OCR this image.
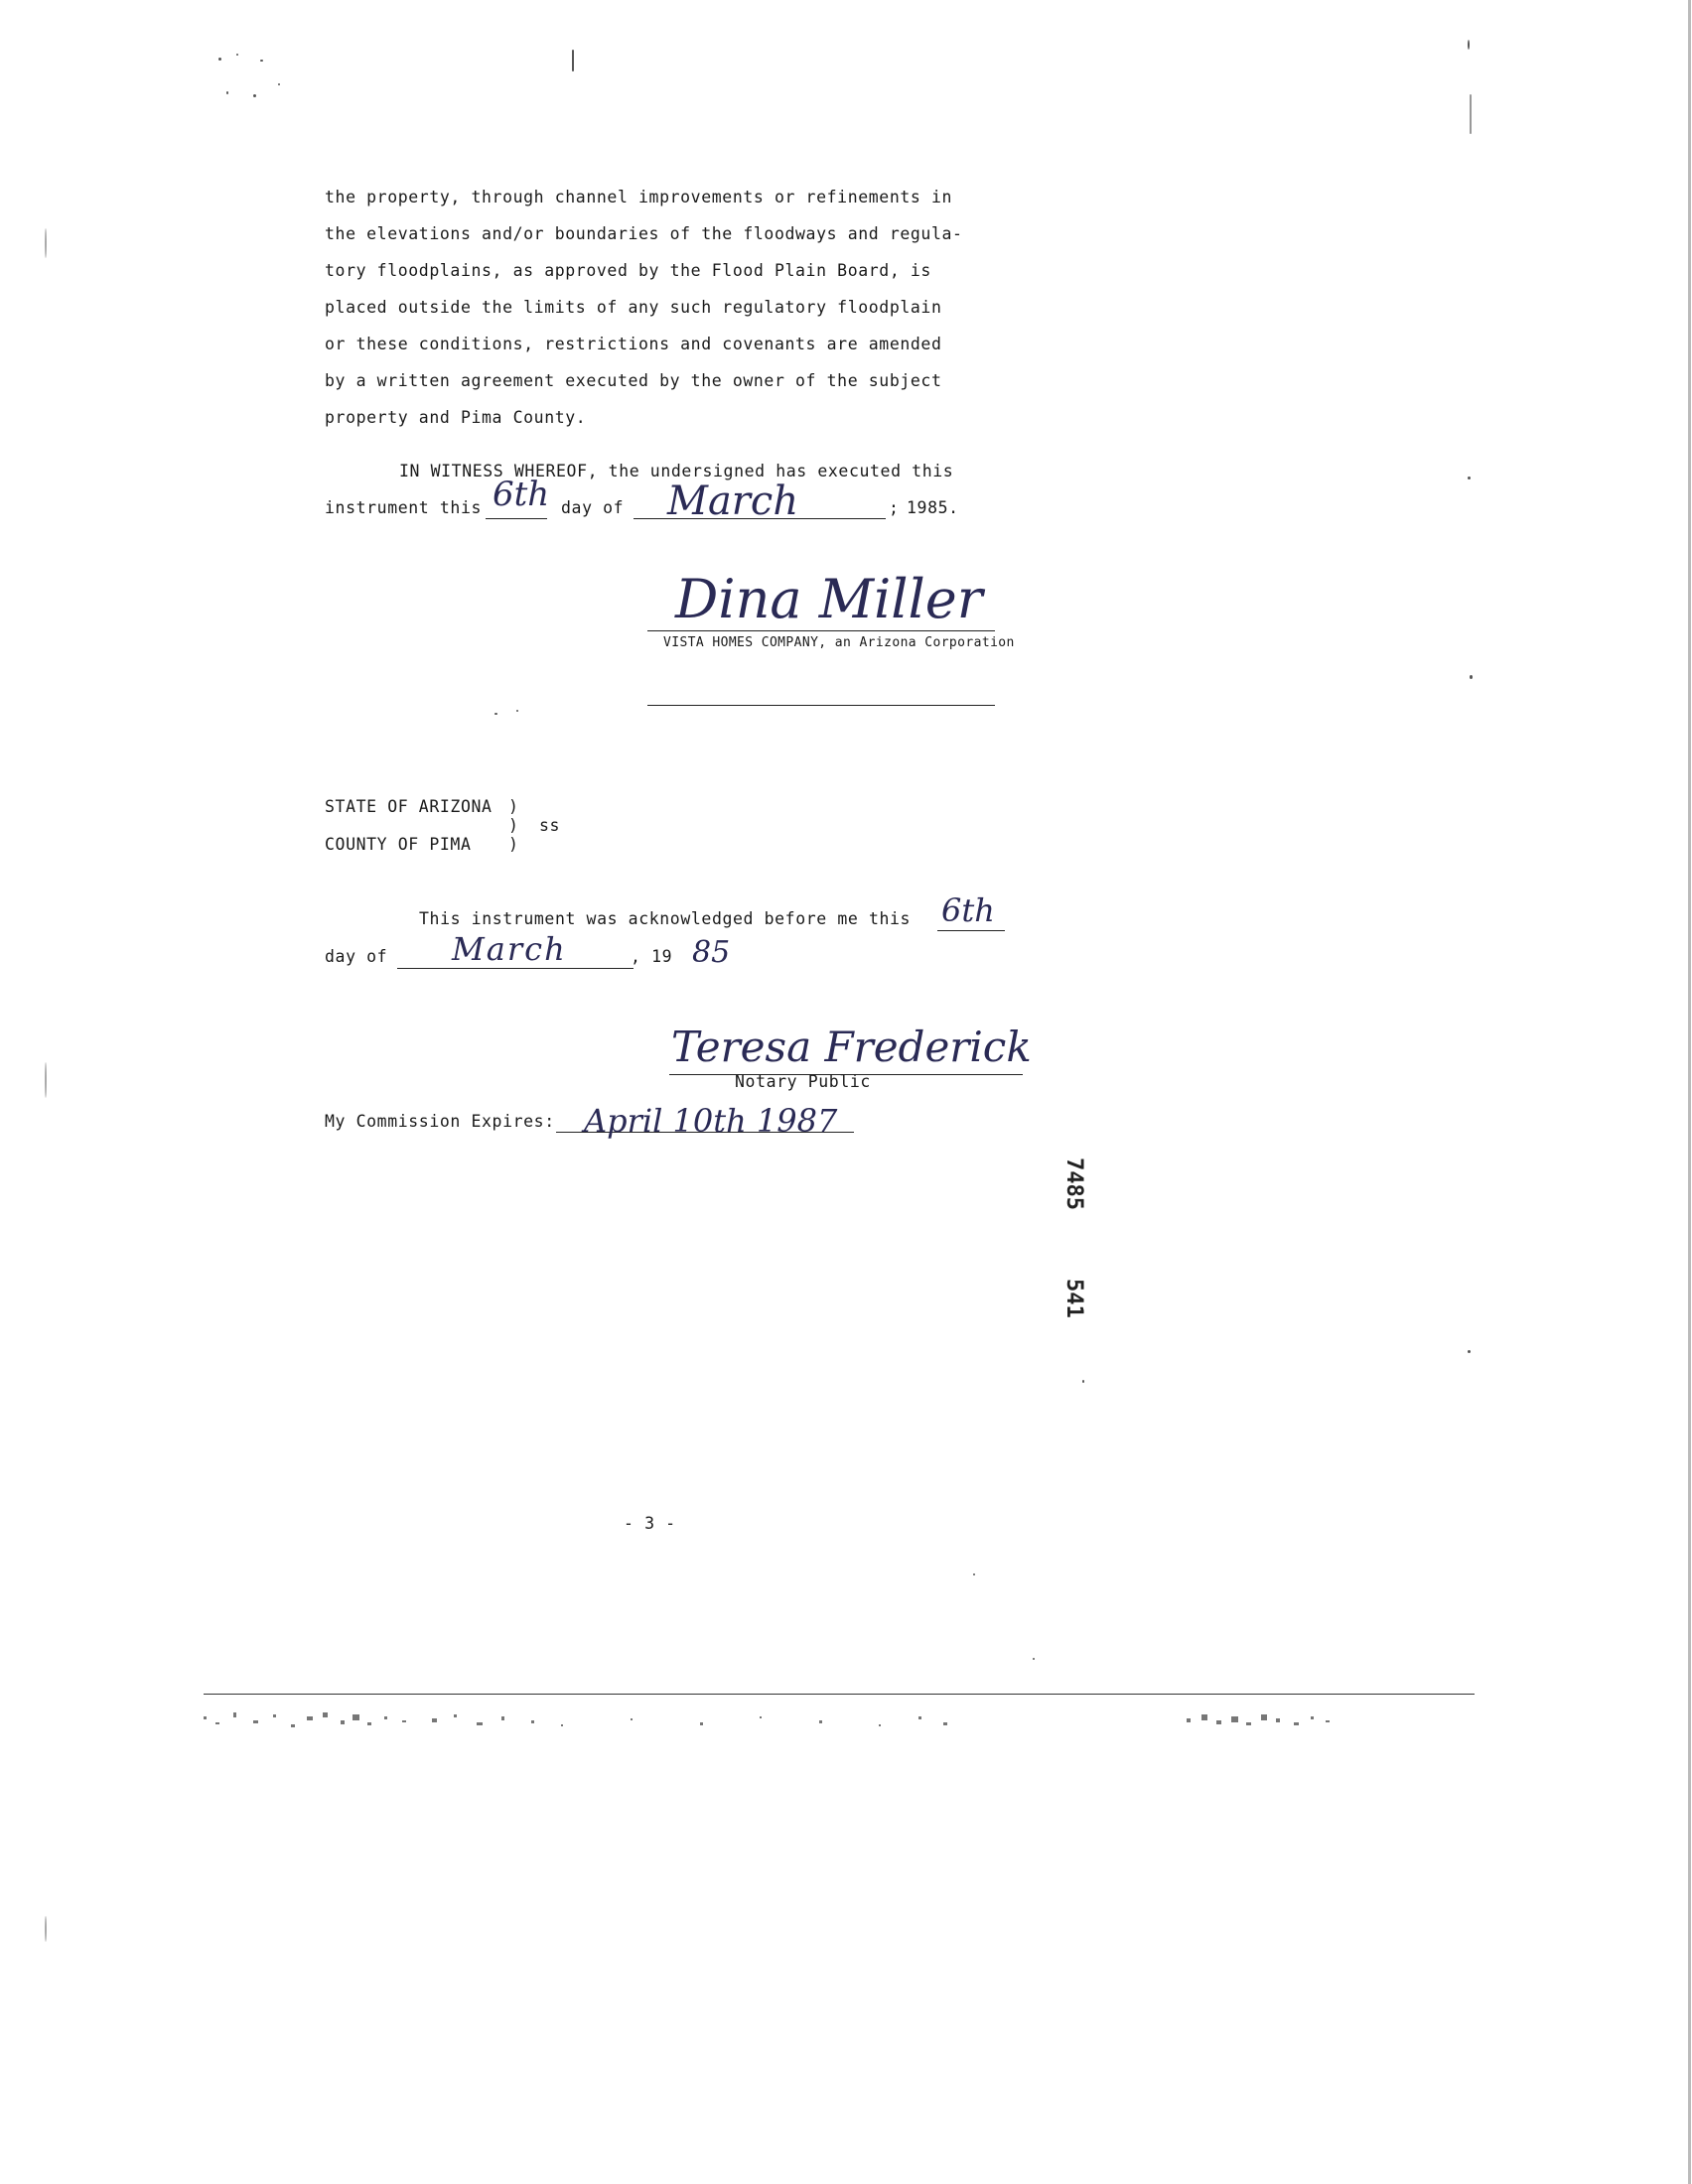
the property, through channel improvements or refinements in
the elevations and/or boundaries of the floodways and regula-
tory floodplains, as approved by the Flood Plain Board, is
placed outside the limits of any such regulatory floodplain
or these conditions, restrictions and covenants are amended
by a written agreement executed by the owner of the subject
property and Pima County.
IN WITNESS WHEREOF, the undersigned has executed this
instrument this 6th day of March	; 1985.
Dina Miller
VISTA HOMES COMPANY, an Arizona Corporation
STATE OF ARIZONA )
) ss
COUNTY OF PIMA )
This instrument was acknowledged before me this 6th
day of March	, 19 85
Teresa Frederick
Notary Public
My Commission Expires: April 10th 1987
7485
541
- 3 -
